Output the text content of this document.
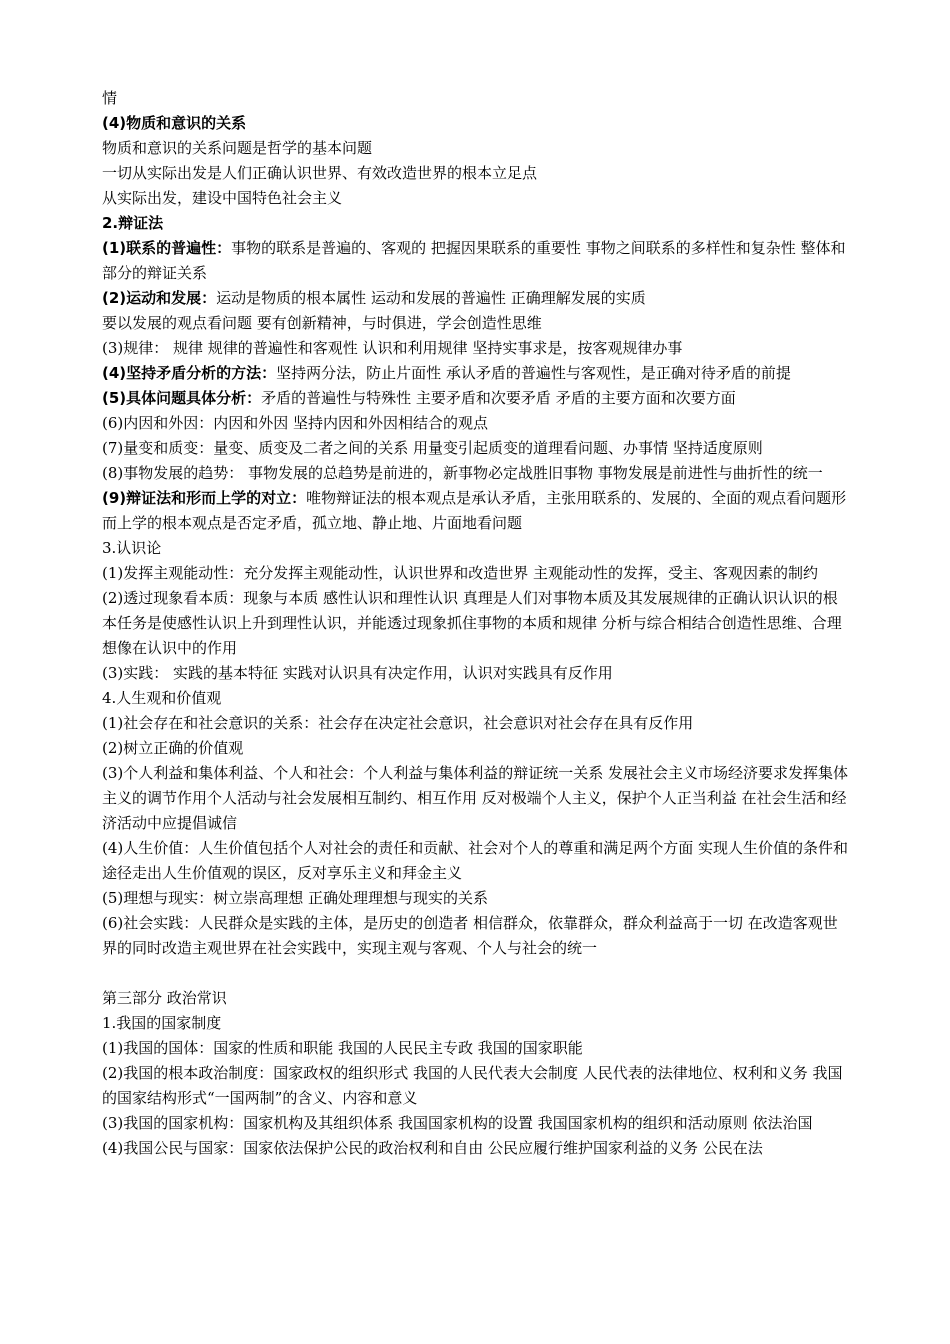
情

(4)物质和意识的关系

物质和意识的关系问题是哲学的基本问题

一切从实际出发是人们正确认识世界、有效改造世界的根本立足点

从实际出发，建设中国特色社会主义

2.辩证法

(1)联系的普遍性：事物的联系是普遍的、客观的 把握因果联系的重要性 事物之间联系的多样性和复杂性 整体和部分的辩证关系

(2)运动和发展：运动是物质的根本属性 运动和发展的普遍性 正确理解发展的实质

要以发展的观点看问题 要有创新精神，与时俱进，学会创造性思维

(3)规律： 规律 规律的普遍性和客观性 认识和利用规律 坚持实事求是，按客观规律办事

(4)坚持矛盾分析的方法：坚持两分法，防止片面性 承认矛盾的普遍性与客观性，是正确对待矛盾的前提

(5)具体问题具体分析：矛盾的普遍性与特殊性 主要矛盾和次要矛盾 矛盾的主要方面和次要方面

(6)内因和外因：内因和外因 坚持内因和外因相结合的观点

(7)量变和质变：量变、质变及二者之间的关系 用量变引起质变的道理看问题、办事情 坚持适度原则

(8)事物发展的趋势： 事物发展的总趋势是前进的，新事物必定战胜旧事物 事物发展是前进性与曲折性的统一

(9)辩证法和形而上学的对立：唯物辩证法的根本观点是承认矛盾，主张用联系的、发展的、全面的观点看问题形而上学的根本观点是否定矛盾，孤立地、静止地、片面地看问题

3.认识论

(1)发挥主观能动性：充分发挥主观能动性，认识世界和改造世界 主观能动性的发挥，受主、客观因素的制约

(2)透过现象看本质：现象与本质 感性认识和理性认识 真理是人们对事物本质及其发展规律的正确认识认识的根本任务是使感性认识上升到理性认识，并能透过现象抓住事物的本质和规律 分析与综合相结合创造性思维、合理想像在认识中的作用

(3)实践： 实践的基本特征 实践对认识具有决定作用，认识对实践具有反作用

4.人生观和价值观

(1)社会存在和社会意识的关系：社会存在决定社会意识，社会意识对社会存在具有反作用

(2)树立正确的价值观

(3)个人利益和集体利益、个人和社会：个人利益与集体利益的辩证统一关系 发展社会主义市场经济要求发挥集体主义的调节作用个人活动与社会发展相互制约、相互作用 反对极端个人主义，保护个人正当利益 在社会生活和经济活动中应提倡诚信

(4)人生价值：人生价值包括个人对社会的责任和贡献、社会对个人的尊重和满足两个方面 实现人生价值的条件和途径走出人生价值观的误区，反对享乐主义和拜金主义

(5)理想与现实：树立崇高理想 正确处理理想与现实的关系

(6)社会实践：人民群众是实践的主体，是历史的创造者 相信群众，依靠群众，群众利益高于一切 在改造客观世界的同时改造主观世界在社会实践中，实现主观与客观、个人与社会的统一

第三部分 政治常识

1.我国的国家制度

(1)我国的国体：国家的性质和职能 我国的人民民主专政 我国的国家职能

(2)我国的根本政治制度：国家政权的组织形式 我国的人民代表大会制度 人民代表的法律地位、权利和义务 我国的国家结构形式“一国两制”的含义、内容和意义

(3)我国的国家机构：国家机构及其组织体系 我国国家机构的设置 我国国家机构的组织和活动原则 依法治国

(4)我国公民与国家：国家依法保护公民的政治权利和自由 公民应履行维护国家利益的义务 公民在法
